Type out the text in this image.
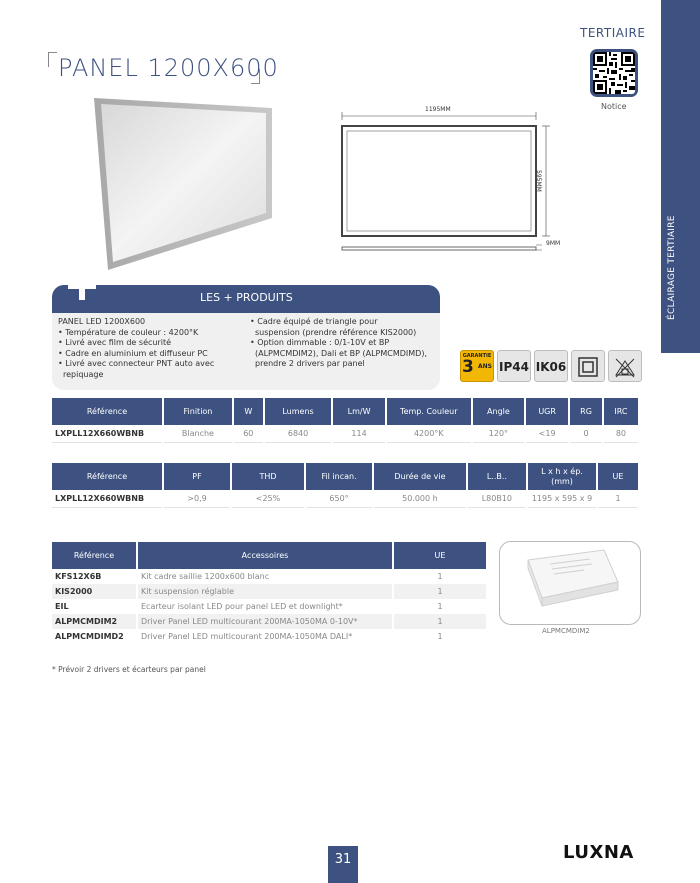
ÉCLAIRAGE TERTIAIRE
TERTIAIRE
Notice
PANEL 1200X600
1195MM
595MM
9MM
LES + PRODUITS
PANEL LED 1200X600
• Température de couleur : 4200°K
• Livré avec film de sécurité
• Cadre en aluminium et diffuseur PC
• Livré avec connecteur PNT auto avec
repiquage
• Cadre équipé de triangle pour
suspension (prendre référence KIS2000)
• Option dimmable : 0/1-10V et BP
(ALPMCMDIM2), Dali et BP (ALPMCMDIMD),
prendre 2 drivers par panel
GARANTIE
3 ANS IP44 IK06
Référence	Finition	W	Lumens	Lm/W	Temp. Couleur	Angle	UGR	RG	IRC
LXPLL12X660WBNB	Blanche	60	6840	114	4200°K	120°	<19	0	80
Référence	PF	THD	Fil incan.	Durée de vie	L..B..	L x h x ép. (mm)	UE
LXPLL12X660WBNB	>0,9	<25%	650°	50.000 h	L80B10	1195 x 595 x 9	1
Référence	Accessoires	UE
KFS12X6B	Kit cadre saillie 1200x600 blanc	1
KIS2000	Kit suspension réglable	1
EIL	Ecarteur isolant LED pour panel LED et downlight*	1
ALPMCMDIM2	Driver Panel LED multicourant 200MA-1050MA 0-10V*	1
ALPMCMDIMD2	Driver Panel LED multicourant 200MA-1050MA DALI*	1
ALPMCMDIM2
* Prévoir 2 drivers et écarteurs par panel
31	LUXNA
